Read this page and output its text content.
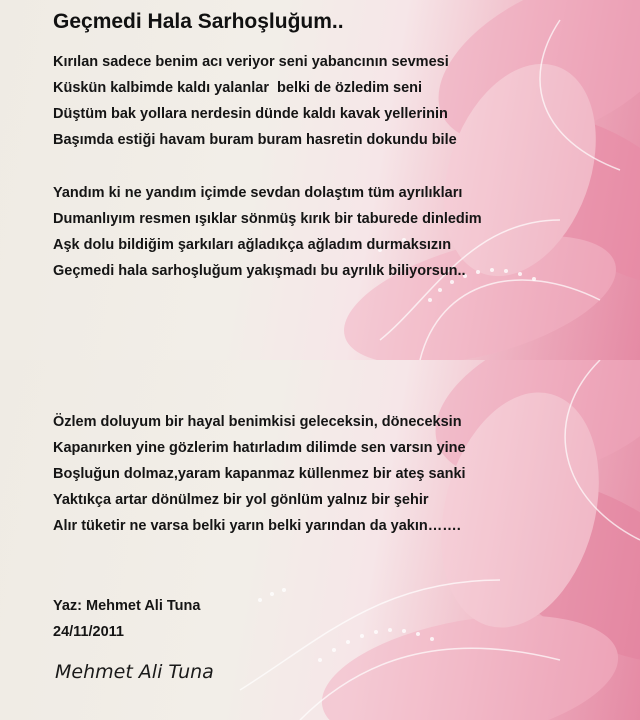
Geçmedi Hala Sarhoşluğum..
Kırılan sadece benim acı veriyor seni yabancının sevmesi
Küskün kalbimde kaldı yalanlar  belki de özledim seni
Düştüm bak yollara nerdesin dünde kaldı kavak yellerinin
Başımda estiği havam buram buram hasretin dokundu bile
Yandım ki ne yandım içimde sevdan dolaştım tüm ayrılıkları
Dumanlıyım resmen ışıklar sönmüş kırık bir taburede dinledim
Aşk dolu bildiğim şarkıları ağladıkça ağladım durmaksızın
Geçmedi hala sarhoşluğum yakışmadı bu ayrılık biliyorsun..
Özlem doluyum bir hayal benimkisi geleceksin, döneceksin
Kapanırken yine gözlerim hatırladım dilimde sen varsın yine
Boşluğun dolmaz,yaram kapanmaz küllenmez bir ateş sanki
Yaktıkça artar dönülmez bir yol gönlüm yalnız bir şehir
Alır tüketir ne varsa belki yarın belki yarından da yakın…….
Yaz: Mehmet Ali Tuna
24/11/2011
Mehmet Ali Tuna
